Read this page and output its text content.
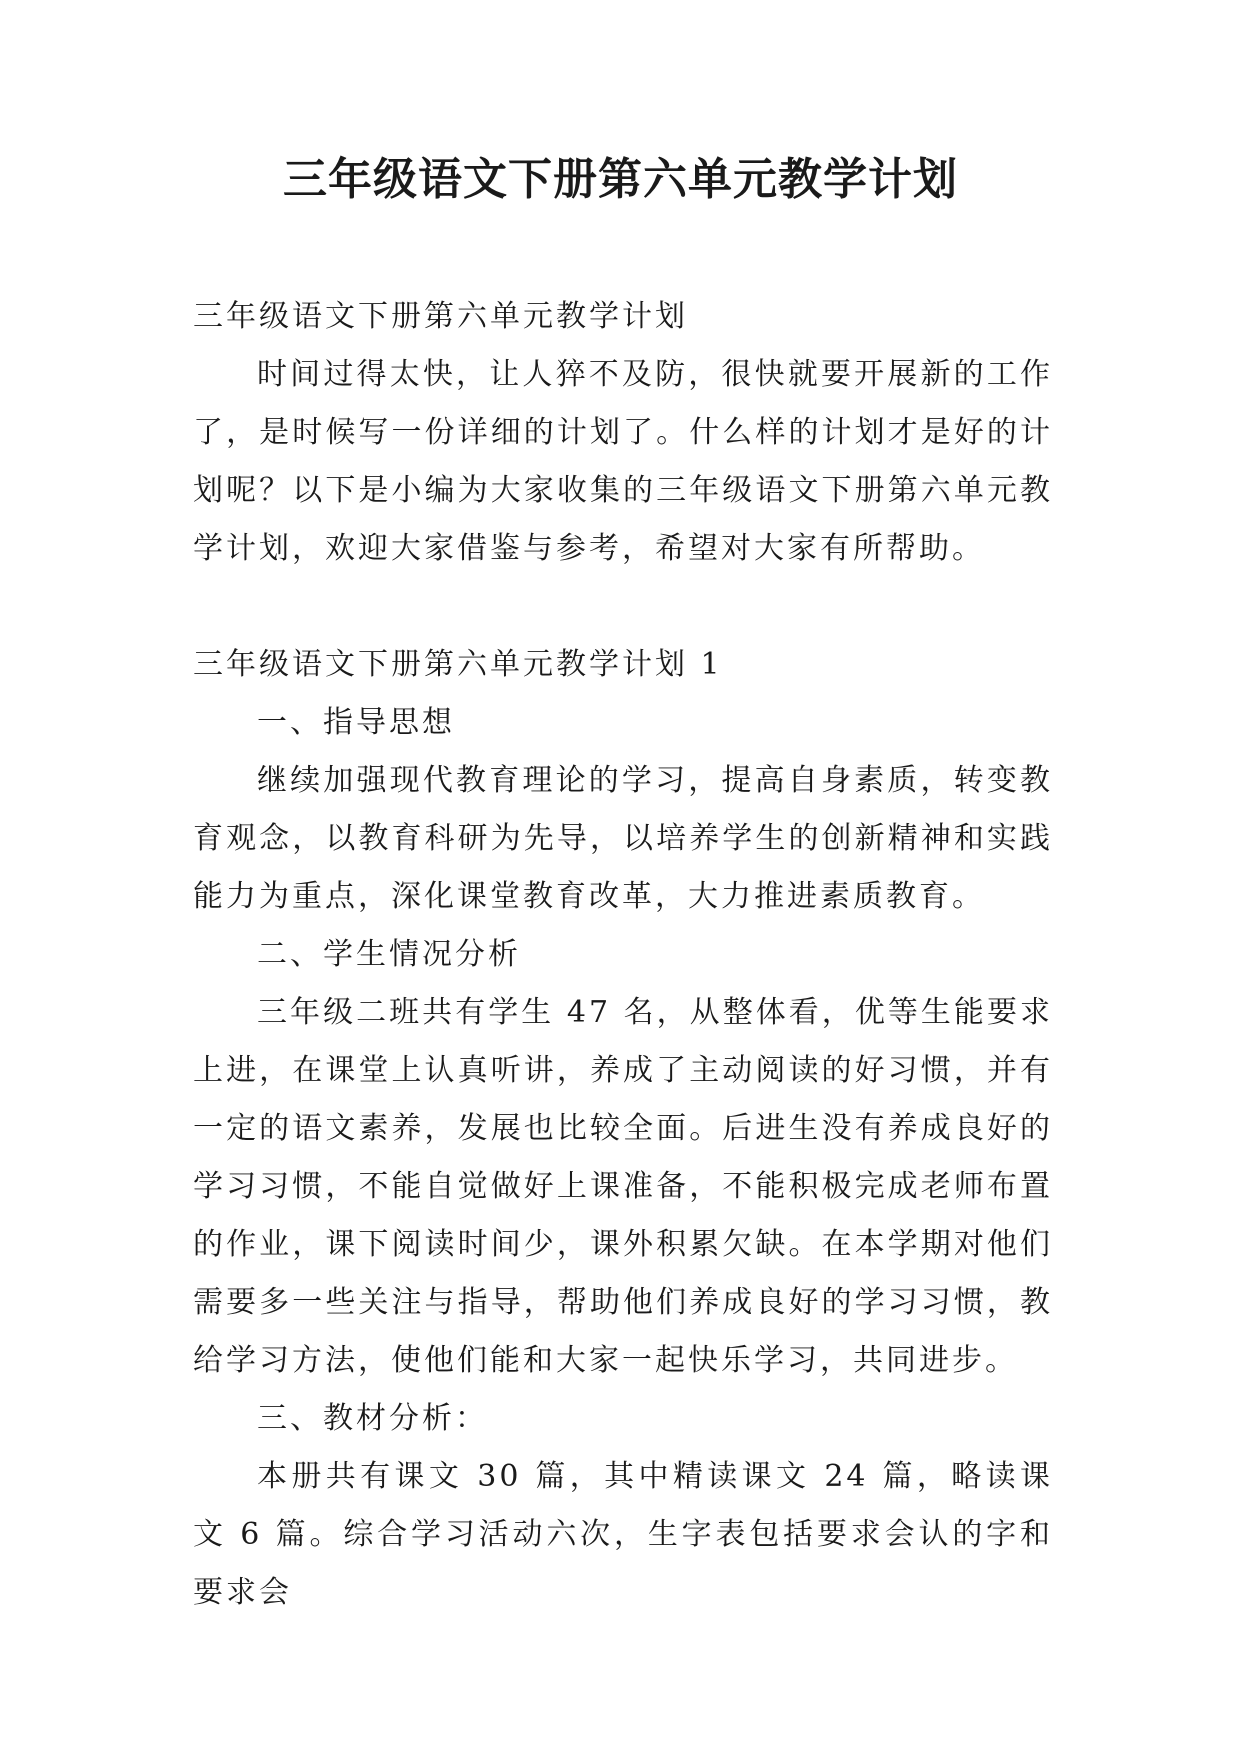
三年级语文下册第六单元教学计划

三年级语文下册第六单元教学计划

时间过得太快，让人猝不及防，很快就要开展新的工作了，是时候写一份详细的计划了。什么样的计划才是好的计划呢？以下是小编为大家收集的三年级语文下册第六单元教学计划，欢迎大家借鉴与参考，希望对大家有所帮助。

三年级语文下册第六单元教学计划 1

一、指导思想

继续加强现代教育理论的学习，提高自身素质，转变教育观念，以教育科研为先导，以培养学生的创新精神和实践能力为重点，深化课堂教育改革，大力推进素质教育。

二、学生情况分析

三年级二班共有学生 47 名，从整体看，优等生能要求上进，在课堂上认真听讲，养成了主动阅读的好习惯，并有一定的语文素养，发展也比较全面。后进生没有养成良好的学习习惯，不能自觉做好上课准备，不能积极完成老师布置的作业，课下阅读时间少，课外积累欠缺。在本学期对他们需要多一些关注与指导，帮助他们养成良好的学习习惯，教给学习方法，使他们能和大家一起快乐学习，共同进步。

三、教材分析：

本册共有课文 30 篇，其中精读课文 24 篇，略读课文 6 篇。综合学习活动六次，生字表包括要求会认的字和要求会
